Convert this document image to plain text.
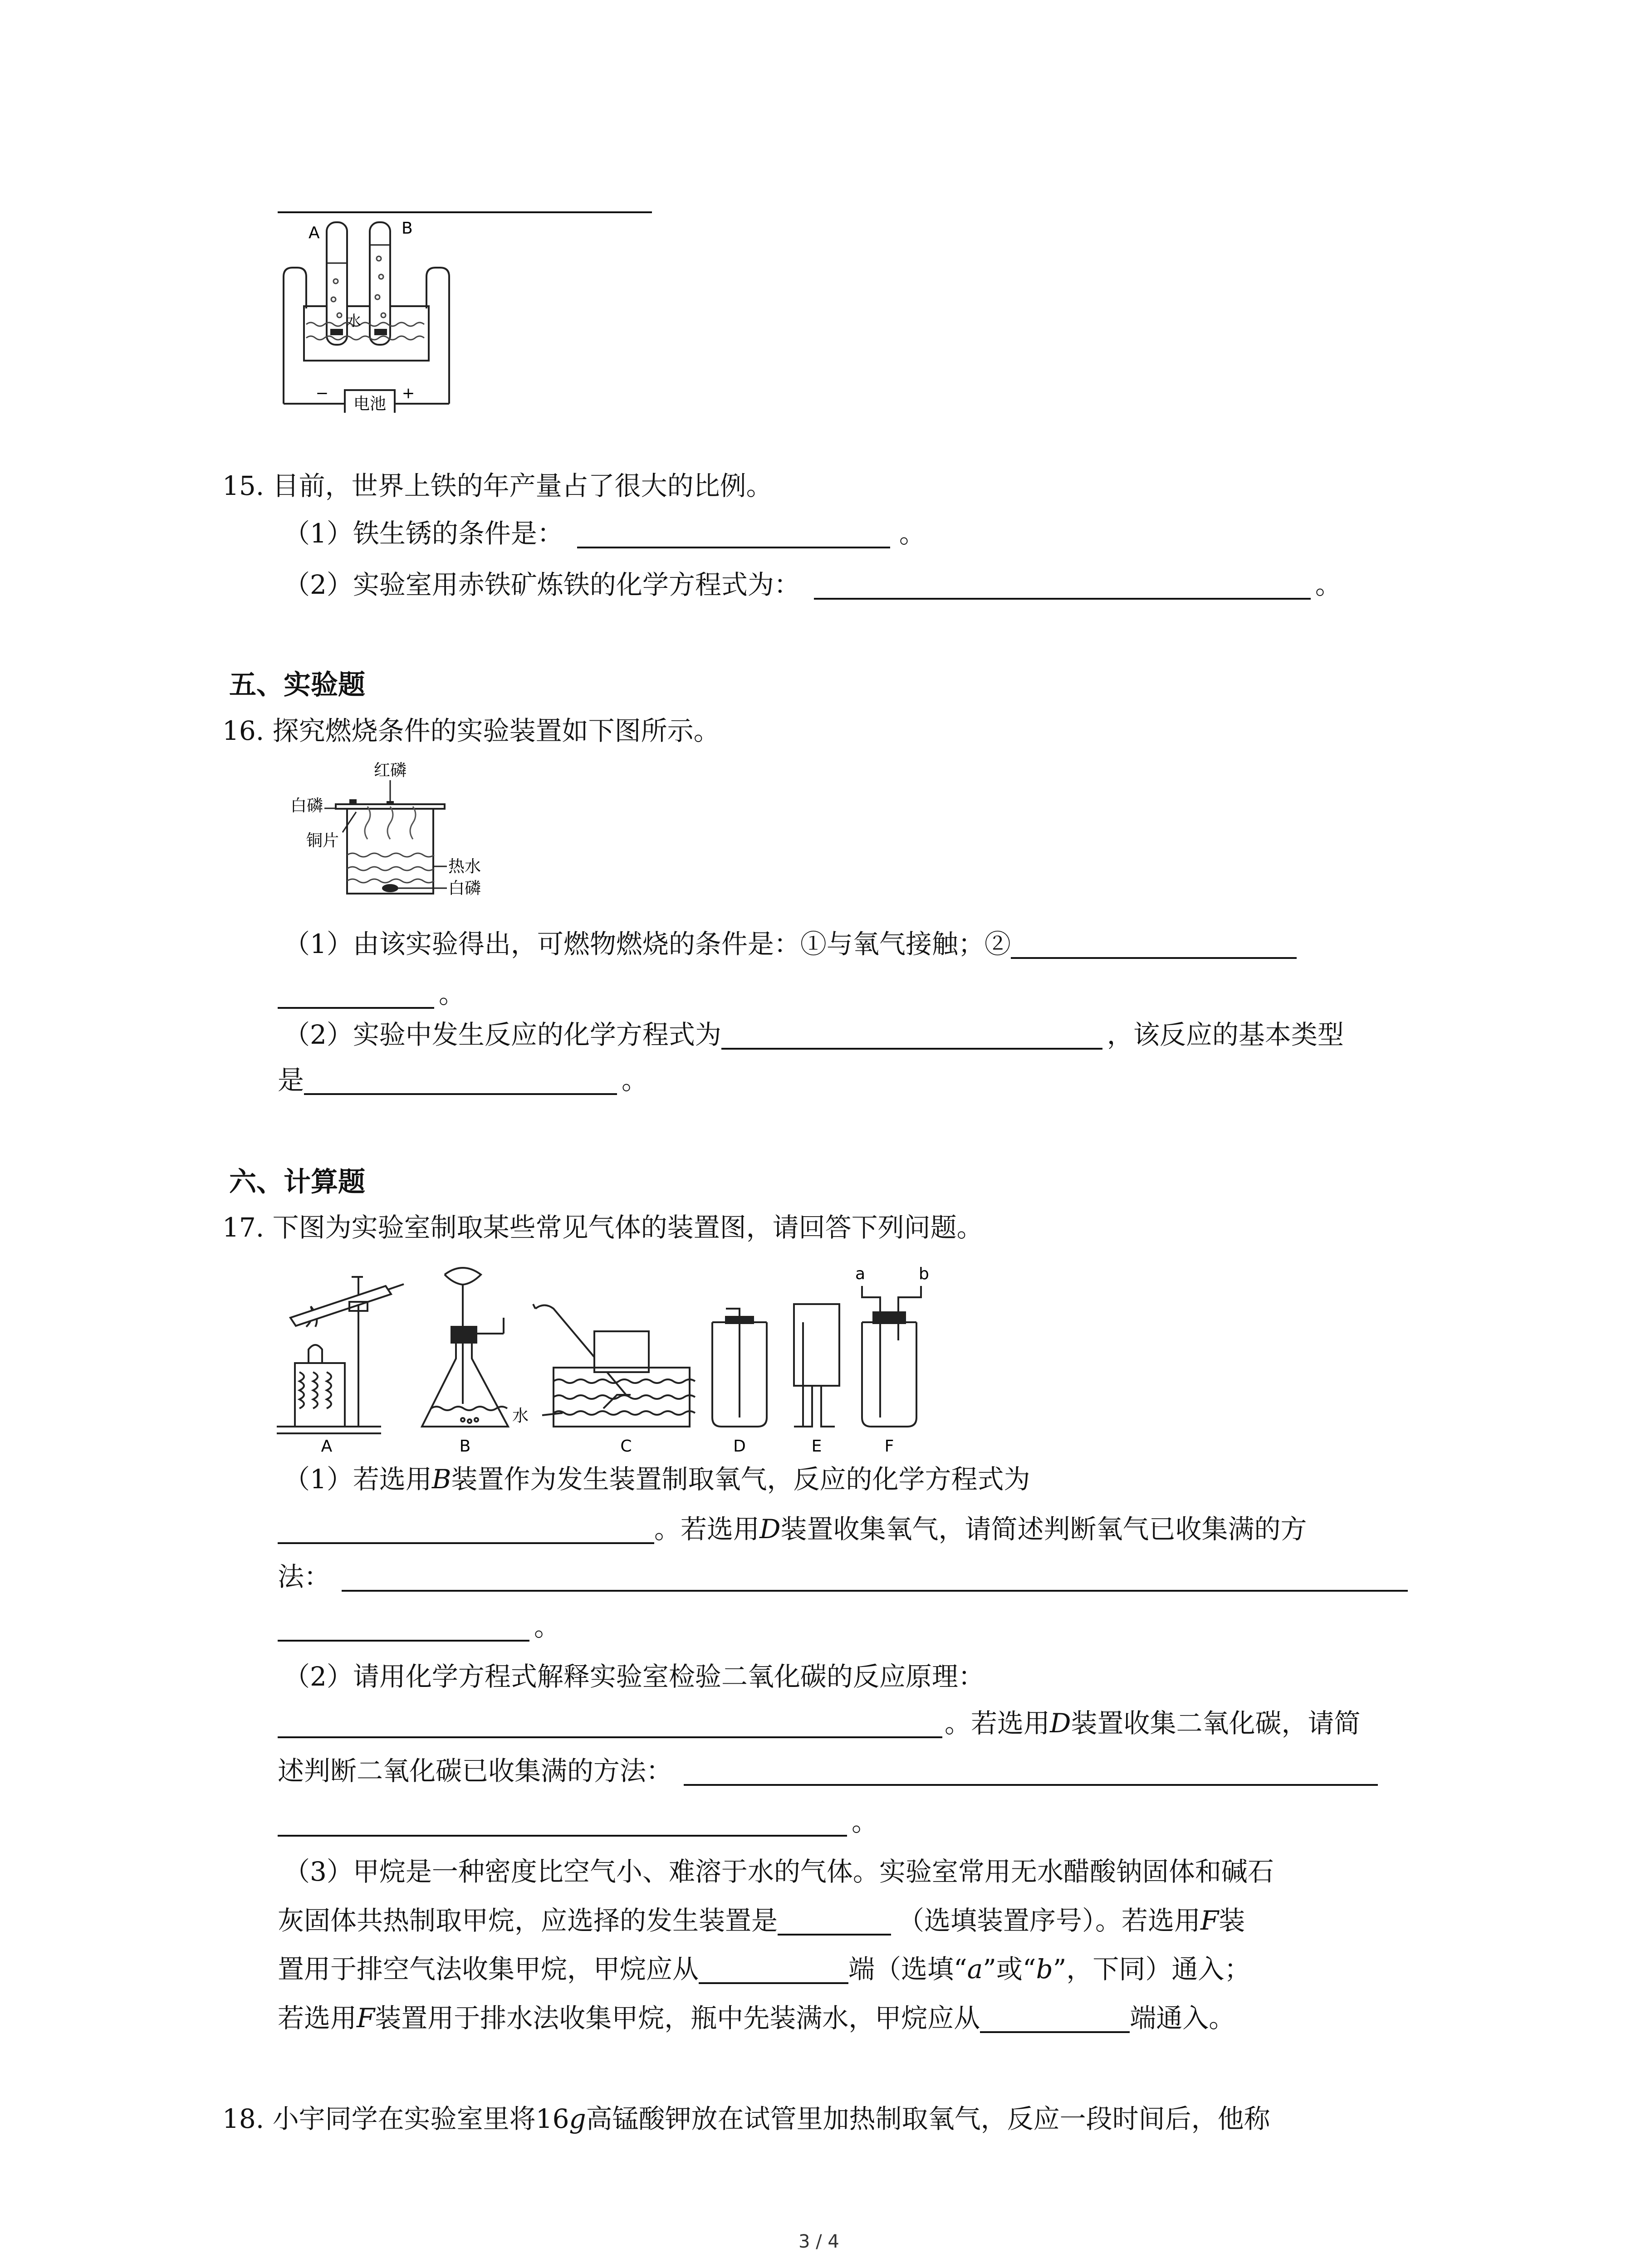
电池
−	+
A	B
水
15. 目前，世界上铁的年产量占了很大的比例。
（1）铁生锈的条件是：	。
（2）实验室用赤铁矿炼铁的化学方程式为：	。
五、实验题
16. 探究燃烧条件的实验装置如下图所示。
红磷
白磷
铜片
热水
白磷
（1）由该实验得出，可燃物燃烧的条件是：①与氧气接触；②
。
（2）实验中发生反应的化学方程式为	，该反应的基本类型
是	。
六、计算题
17. 下图为实验室制取某些常见气体的装置图，请回答下列问题。
水
a	b
A	B	C	D	E	F
（1）若选用B装置作为发生装置制取氧气，反应的化学方程式为
。若选用D装置收集氧气，请简述判断氧气已收集满的方
法：
。
（2）请用化学方程式解释实验室检验二氧化碳的反应原理：
。若选用D装置收集二氧化碳，请简
述判断二氧化碳已收集满的方法：
。
（3）甲烷是一种密度比空气小、难溶于水的气体。实验室常用无水醋酸钠固体和碱石
灰固体共热制取甲烷，应选择的发生装置是	（选填装置序号）。若选用F装
置用于排空气法收集甲烷，甲烷应从	端（选填“a”或“b”，下同）通入；
若选用F装置用于排水法收集甲烷，瓶中先装满水，甲烷应从	端通入。
18. 小宇同学在实验室里将16g高锰酸钾放在试管里加热制取氧气，反应一段时间后，他称
3 / 4
